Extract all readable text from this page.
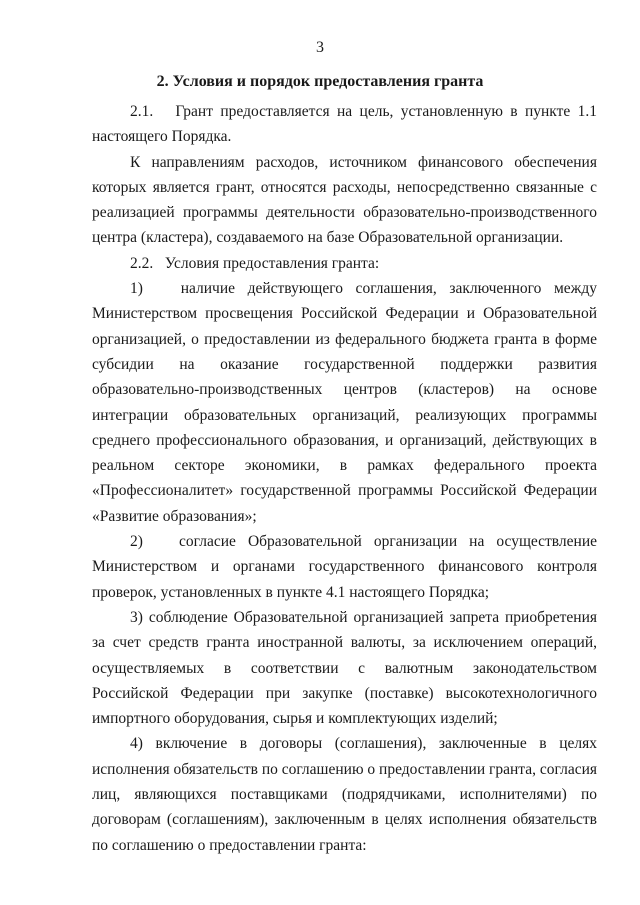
3
2. Условия и порядок предоставления гранта

2.1.   Грант предоставляется на цель, установленную в пункте 1.1 настоящего Порядка.

К направлениям расходов, источником финансового обеспечения которых является грант, относятся расходы, непосредственно связанные с реализацией программы деятельности образовательно-производственного центра (кластера), создаваемого на базе Образовательной организации.

2.2.   Условия предоставления гранта:

1)   наличие действующего соглашения, заключенного между Министерством просвещения Российской Федерации и Образовательной организацией, о предоставлении из федерального бюджета гранта в форме субсидии на оказание государственной поддержки развития образовательно-производственных центров (кластеров) на основе интеграции образовательных организаций, реализующих программы среднего профессионального образования, и организаций, действующих в реальном секторе экономики, в рамках федерального проекта «Профессионалитет» государственной программы Российской Федерации «Развитие образования»;

2)   согласие Образовательной организации на осуществление Министерством и органами государственного финансового контроля проверок, установленных в пункте 4.1 настоящего Порядка;

3) соблюдение Образовательной организацией запрета приобретения за счет средств гранта иностранной валюты, за исключением операций, осуществляемых в соответствии с валютным законодательством Российской Федерации при закупке (поставке) высокотехнологичного импортного оборудования, сырья и комплектующих изделий;

4) включение в договоры (соглашения), заключенные в целях исполнения обязательств по соглашению о предоставлении гранта, согласия лиц, являющихся поставщиками (подрядчиками, исполнителями) по договорам (соглашениям), заключенным в целях исполнения обязательств по соглашению о предоставлении гранта:
